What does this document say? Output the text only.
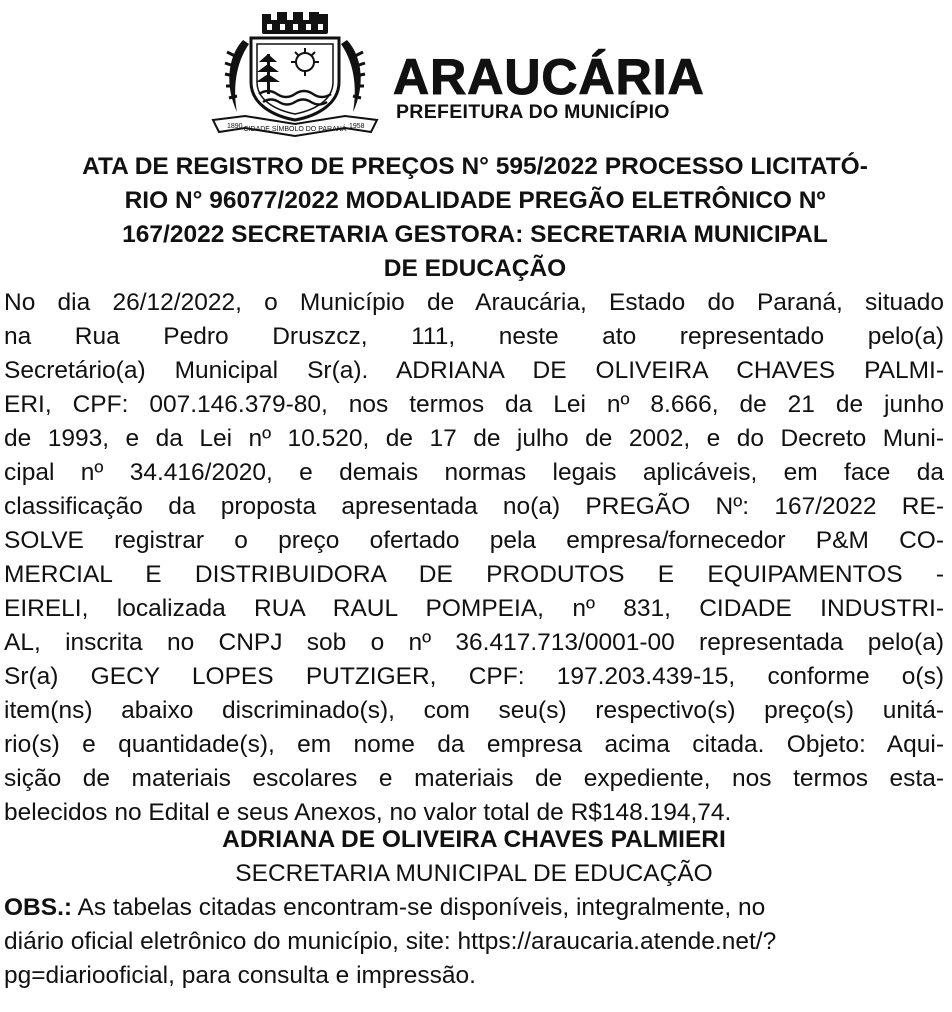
1890 CIDADE SÍMBOLO DO PARANÁ 1958
ARAUCÁRIA
PREFEITURA DO MUNICÍPIO
ATA DE REGISTRO DE PREÇOS N° 595/2022 PROCESSO LICITATÓ-
RIO N° 96077/2022 MODALIDADE PREGÃO ELETRÔNICO Nº
167/2022 SECRETARIA GESTORA: SECRETARIA MUNICIPAL
DE EDUCAÇÃO
No dia 26/12/2022, o Município de Araucária, Estado do Paraná, situado
na Rua Pedro Druszcz, 111, neste ato representado pelo(a)
Secretário(a) Municipal Sr(a). ADRIANA DE OLIVEIRA CHAVES PALMI-
ERI, CPF: 007.146.379-80, nos termos da Lei nº 8.666, de 21 de junho
de 1993, e da Lei nº 10.520, de 17 de julho de 2002, e do Decreto Muni-
cipal nº 34.416/2020, e demais normas legais aplicáveis, em face da
classificação da proposta apresentada no(a) PREGÃO Nº: 167/2022 RE-
SOLVE registrar o preço ofertado pela empresa/fornecedor P&M CO-
MERCIAL E DISTRIBUIDORA DE PRODUTOS E EQUIPAMENTOS -
EIRELI, localizada RUA RAUL POMPEIA, nº 831, CIDADE INDUSTRI-
AL, inscrita no CNPJ sob o nº 36.417.713/0001-00 representada pelo(a)
Sr(a) GECY LOPES PUTZIGER, CPF: 197.203.439-15, conforme o(s)
item(ns) abaixo discriminado(s), com seu(s) respectivo(s) preço(s) unitá-
rio(s) e quantidade(s), em nome da empresa acima citada. Objeto: Aqui-
sição de materiais escolares e materiais de expediente, nos termos esta-
belecidos no Edital e seus Anexos, no valor total de R$148.194,74.
ADRIANA DE OLIVEIRA CHAVES PALMIERI
SECRETARIA MUNICIPAL DE EDUCAÇÃO
OBS.: As tabelas citadas encontram-se disponíveis, integralmente, no
diário oficial eletrônico do município, site: https://araucaria.atende.net/?
pg=diariooficial, para consulta e impressão.
